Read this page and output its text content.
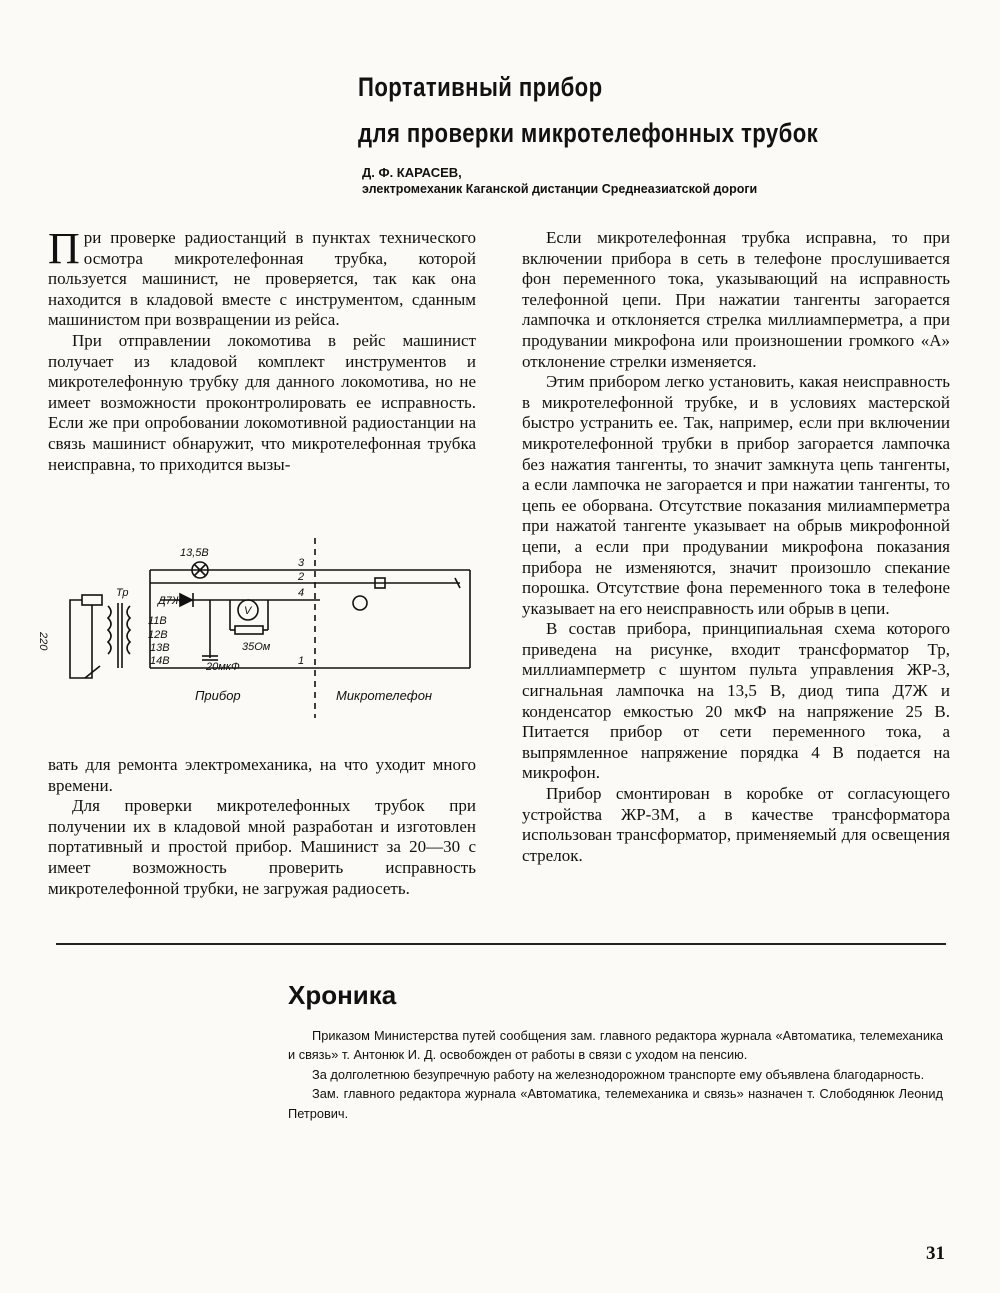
Портативный прибор
для проверки микротелефонных трубок
Д. Ф. КАРАСЕВ,
электромеханик Каганской дистанции Среднеазиатской дороги

При проверке радиостанций в пунктах технического осмотра микротелефонная трубка, которой пользуется машинист, не проверяется, так как она находится в кладовой вместе с инструментом, сданным машинистом при возвращении из рейса.

При отправлении локомотива в рейс машинист получает из кладовой комплект инструментов и микротелефонную трубку для данного локомотива, но не имеет возможности проконтролировать ее исправность. Если же при опробовании локомотивной радиостанции на связь машинист обнаружит, что микротелефонная трубка неисправна, то приходится вызы-

13,5В
Тр
Д7Ж
11В
12В
13В
14В
220	35Ом
20мкФ
V
3
2
4
1
Прибор	Микротелефон

вать для ремонта электромеханика, на что уходит много времени.

Для проверки микротелефонных трубок при получении их в кладовой мной разработан и изготовлен портативный и простой прибор. Машинист за 20—30 с имеет возможность проверить исправность микротелефонной трубки, не загружая радиосеть.

Если микротелефонная трубка исправна, то при включении прибора в сеть в телефоне прослушивается фон переменного тока, указывающий на исправность телефонной цепи. При нажатии тангенты загорается лампочка и отклоняется стрелка миллиамперметра, а при продувании микрофона или произношении громкого «А» отклонение стрелки изменяется.

Этим прибором легко установить, какая неисправность в микротелефонной трубке, и в условиях мастерской быстро устранить ее. Так, например, если при включении микротелефонной трубки в прибор загорается лампочка без нажатия тангенты, то значит замкнута цепь тангенты, а если лампочка не загорается и при нажатии тангенты, то цепь ее оборвана. Отсутствие показания милиамперметра при нажатой тангенте указывает на обрыв микрофонной цепи, а если при продувании микрофона показания прибора не изменяются, значит произошло спекание порошка. Отсутствие фона переменного тока в телефоне указывает на его неисправность или обрыв в цепи.

В состав прибора, принципиальная схема которого приведена на рисунке, входит трансформатор Тр, миллиамперметр с шунтом пульта управления ЖР-3, сигнальная лампочка на 13,5 В, диод типа Д7Ж и конденсатор емкостью 20 мкФ на напряжение 25 В. Питается прибор от сети переменного тока, а выпрямленное напряжение порядка 4 В подается на микрофон.

Прибор смонтирован в коробке от согласующего устройства ЖР-3М, а в качестве трансформатора использован трансформатор, применяемый для освещения стрелок.

Хроника

Приказом Министерства путей сообщения зам. главного редактора журнала «Автоматика, телемеханика и связь» т. Антонюк И. Д. освобожден от работы в связи с уходом на пенсию.

За долголетнюю безупречную работу на железнодорожном транспорте ему объявлена благодарность.

Зам. главного редактора журнала «Автоматика, телемеханика и связь» назначен т. Слободянюк Леонид Петрович.

31
